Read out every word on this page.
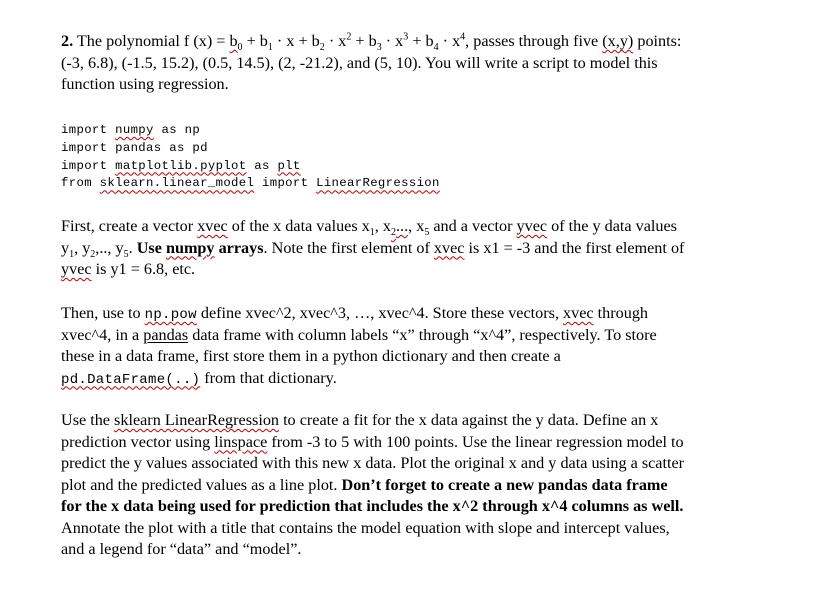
2. The polynomial f $(x) = b_0 + b_1 \cdot x + b_2 \cdot x^2 + b_3 \cdot x^3 + b_4 \cdot x^4$, passes through five (x,y) points:
(-3, 6.8), (-1.5, 15.2), (0.5, 14.5), (2, -21.2), and (5, 10). You will write a script to model this
function using regression.
import numpy as np
import pandas as pd
import matplotlib.pyplot as plt
from sklearn.linear_model import LinearRegression
First, create a vector xvec of the x data values $x_1$, $x_2$..., $x_5$ and a vector yvec of the y data values
$y_1$, $y_2$,.., $y_5$. Use numpy arrays. Note the first element of xvec is x1 = -3 and the first element of
yvec is y1 = 6.8, etc.
Then, use to np.pow define xvec^2, xvec^3, …, xvec^4. Store these vectors, xvec through
xvec^4, in a pandas data frame with column labels “x” through “x^4”, respectively. To store
these in a data frame, first store them in a python dictionary and then create a
pd.DataFrame(..) from that dictionary.
Use the sklearn LinearRegression to create a fit for the x data against the y data. Define an x
prediction vector using linspace from -3 to 5 with 100 points. Use the linear regression model to
predict the y values associated with this new x data. Plot the original x and y data using a scatter
plot and the predicted values as a line plot. Don’t forget to create a new pandas data frame
for the x data being used for prediction that includes the x^2 through x^4 columns as well.
Annotate the plot with a title that contains the model equation with slope and intercept values,
and a legend for “data” and “model”.
